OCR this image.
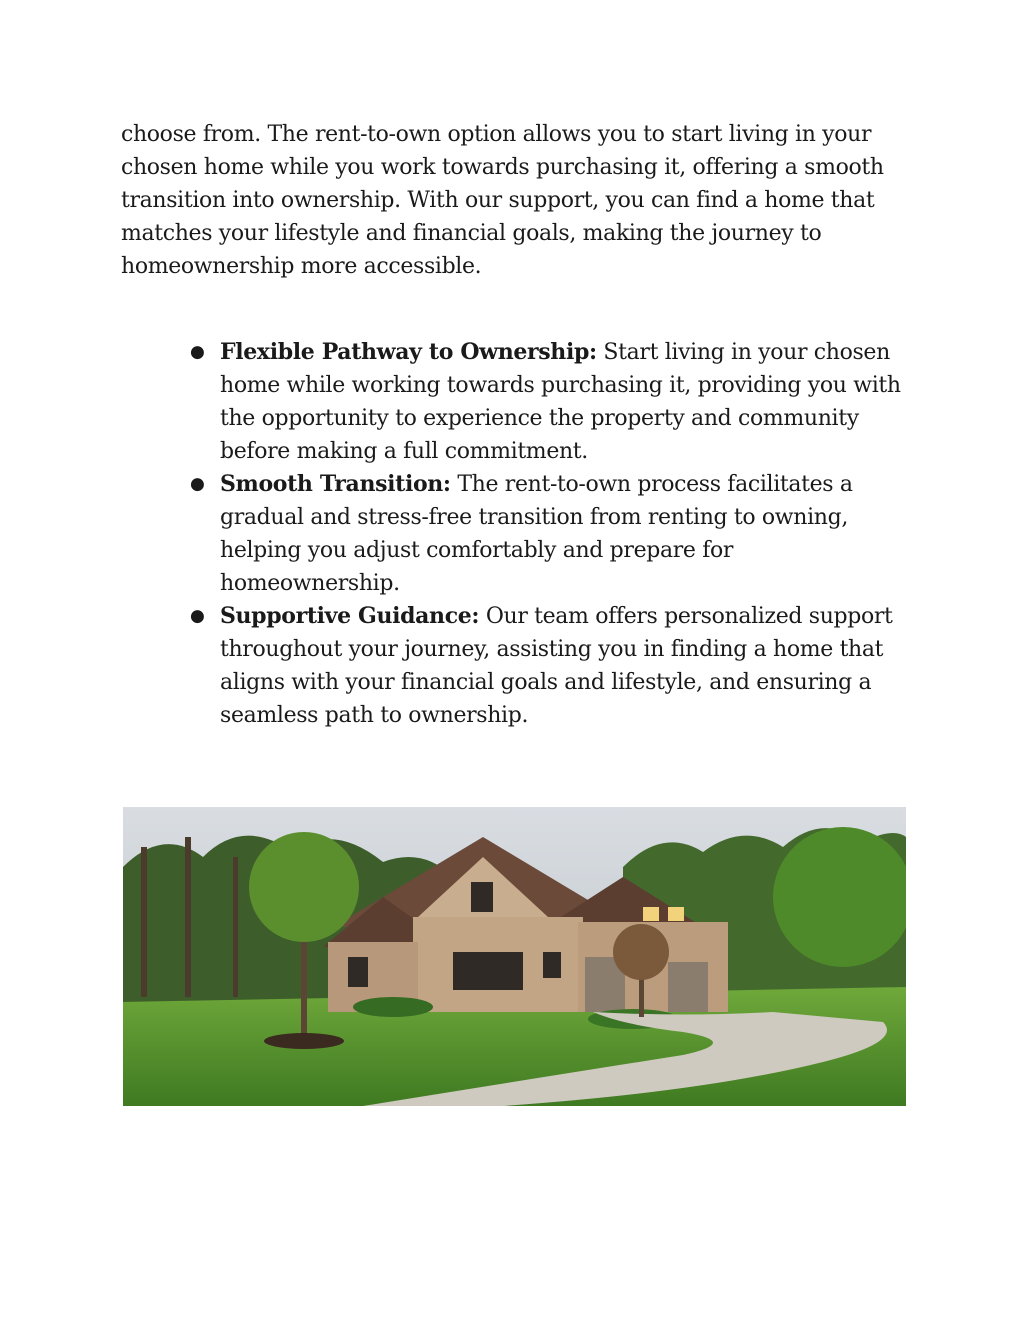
choose from. The rent-to-own option allows you to start living in your chosen home while you work towards purchasing it, offering a smooth transition into ownership. With our support, you can find a home that matches your lifestyle and financial goals, making the journey to homeownership more accessible.

● Flexible Pathway to Ownership: Start living in your chosen home while working towards purchasing it, providing you with the opportunity to experience the property and community before making a full commitment.
● Smooth Transition: The rent-to-own process facilitates a gradual and stress-free transition from renting to owning, helping you adjust comfortably and prepare for homeownership.
● Supportive Guidance: Our team offers personalized support throughout your journey, assisting you in finding a home that aligns with your financial goals and lifestyle, and ensuring a seamless path to ownership.
